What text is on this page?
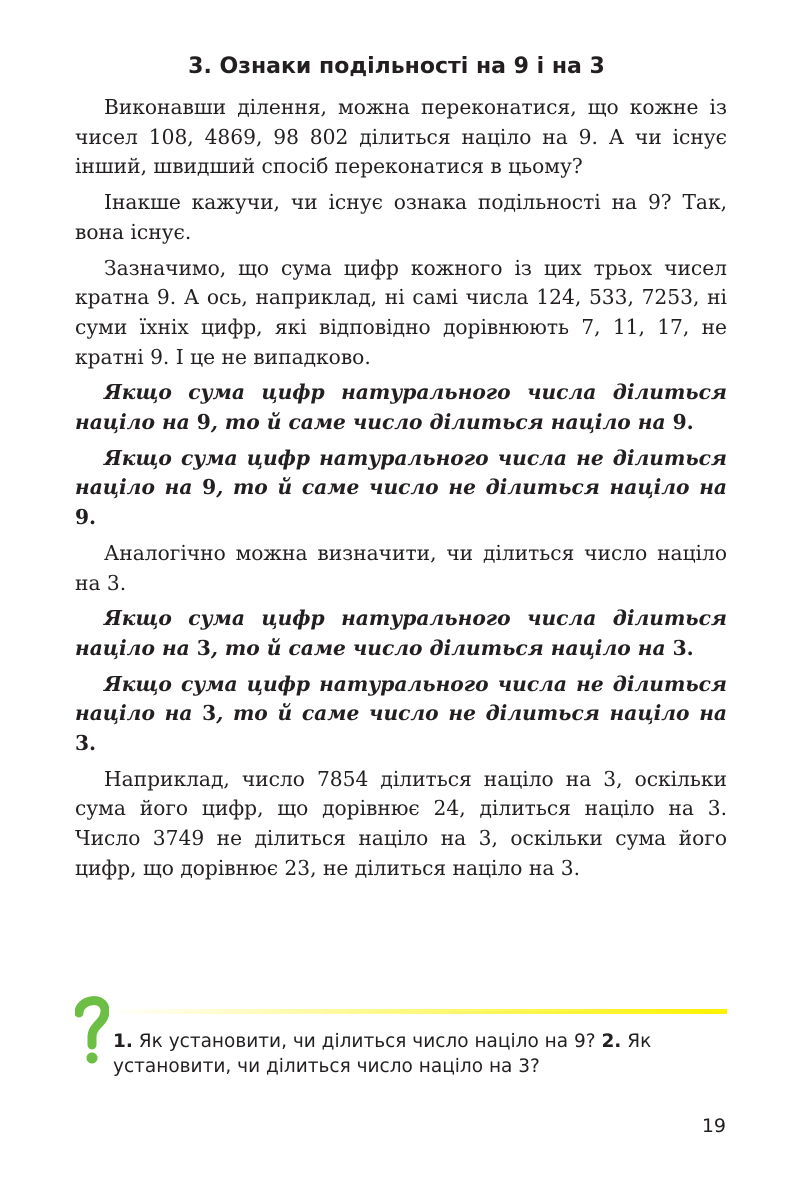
3. Ознаки подільності на 9 і на 3

Виконавши ділення, можна переконатися, що кожне із чисел 108, 4869, 98 802 ділиться націло на 9. А чи існує інший, швидший спосіб переконатися в цьому?

Інакше кажучи, чи існує ознака подільності на 9? Так, вона існує.

Зазначимо, що сума цифр кожного із цих трьох чисел кратна 9. А ось, наприклад, ні самі числа 124, 533, 7253, ні суми їхніх цифр, які відповідно дорівнюють 7, 11, 17, не кратні 9. І це не випадково.

Якщо сума цифр натурального числа ділиться націло на 9, то й саме число ділиться націло на 9.

Якщо сума цифр натурального числа не ділиться націло на 9, то й саме число не ділиться націло на 9.

Аналогічно можна визначити, чи ділиться число націло на 3.

Якщо сума цифр натурального числа ділиться націло на 3, то й саме число ділиться націло на 3.

Якщо сума цифр натурального числа не ділиться націло на 3, то й саме число не ділиться націло на 3.

Наприклад, число 7854 ділиться націло на 3, оскільки сума його цифр, що дорівнює 24, ділиться націло на 3. Число 3749 не ділиться націло на 3, оскільки сума його цифр, що дорівнює 23, не ділиться націло на 3.

1. Як установити, чи ділиться число націло на 9? 2. Як установити, чи ділиться число націло на 3?

19
